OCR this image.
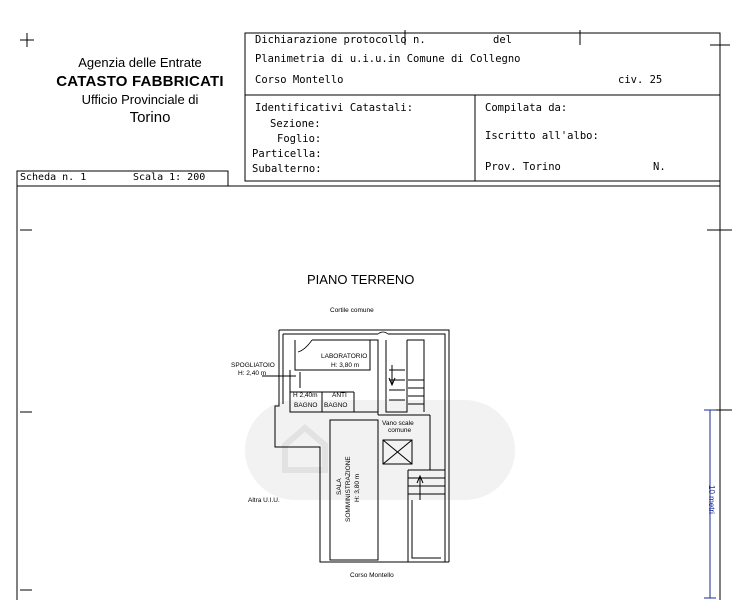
Agenzia delle Entrate
CATASTO FABBRICATI
Ufficio Provinciale di
Torino
Dichiarazione protocollo n.	del
Planimetria di u.i.u.in Comune di Collegno
Corso Montello	civ. 25
Identificativi Catastali:
Sezione:
Foglio:
Particella:
Subalterno:
Compilata da:
Iscritto all'albo:
Prov. Torino	N.
Scheda n. 1	Scala 1: 200
PIANO TERRENO
Cortile comune
LABORATORIO
H: 3,80 m
SPOGLIATOIO
H: 2,40 m
H 2,40m ANTI
BAGNO BAGNO
Vano scale
comune
Altra U.I.U.
Corso Montello
SALA SOMMINISTRAZIONE H: 3,80 m	10 metri
